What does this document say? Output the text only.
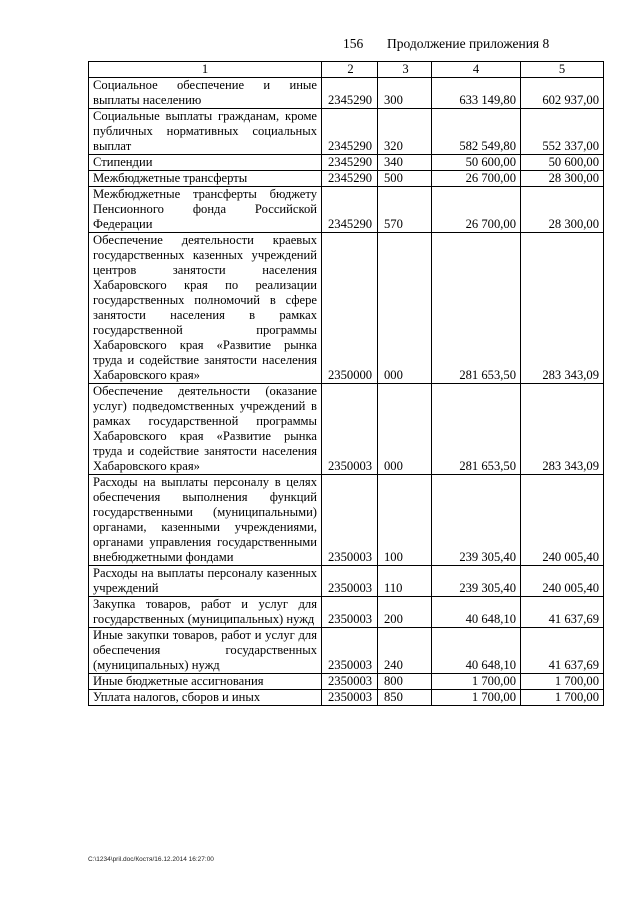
156 Продолжение приложения 8
1	2	3	4	5
Социальное обеспечение и иные выплаты населению	2345290	300	633 149,80	602 937,00
Социальные выплаты гражданам, кроме публичных нормативных социальных выплат	2345290	320	582 549,80	552 337,00
Стипендии	2345290	340	50 600,00	50 600,00
Межбюджетные трансферты	2345290	500	26 700,00	28 300,00
Межбюджетные трансферты бюджету Пенсионного фонда Российской Федерации	2345290	570	26 700,00	28 300,00
Обеспечение деятельности краевых государственных казенных учреждений центров занятости населения Хабаровского края по реализации государственных полномочий в сфере занятости населения в рамках государственной программы Хабаровского края «Развитие рынка труда и содействие занятости населения Хабаровского края»	2350000	000	281 653,50	283 343,09
Обеспечение деятельности (оказание услуг) подведомственных учреждений в рамках государственной программы Хабаровского края «Развитие рынка труда и содействие занятости населения Хабаровского края»	2350003	000	281 653,50	283 343,09
Расходы на выплаты персоналу в целях обеспечения выполнения функций государственными (муниципальными) органами, казенными учреждениями, органами управления государственными внебюджетными фондами	2350003	100	239 305,40	240 005,40
Расходы на выплаты персоналу казенных учреждений	2350003	110	239 305,40	240 005,40
Закупка товаров, работ и услуг для государственных (муниципальных) нужд	2350003	200	40 648,10	41 637,69
Иные закупки товаров, работ и услуг для обеспечения государственных (муниципальных) нужд	2350003	240	40 648,10	41 637,69
Иные бюджетные ассигнования	2350003	800	1 700,00	1 700,00
Уплата налогов, сборов и иных	2350003	850	1 700,00	1 700,00
C:\1234\pril.doc/Костя/16.12.2014 16:27:00
